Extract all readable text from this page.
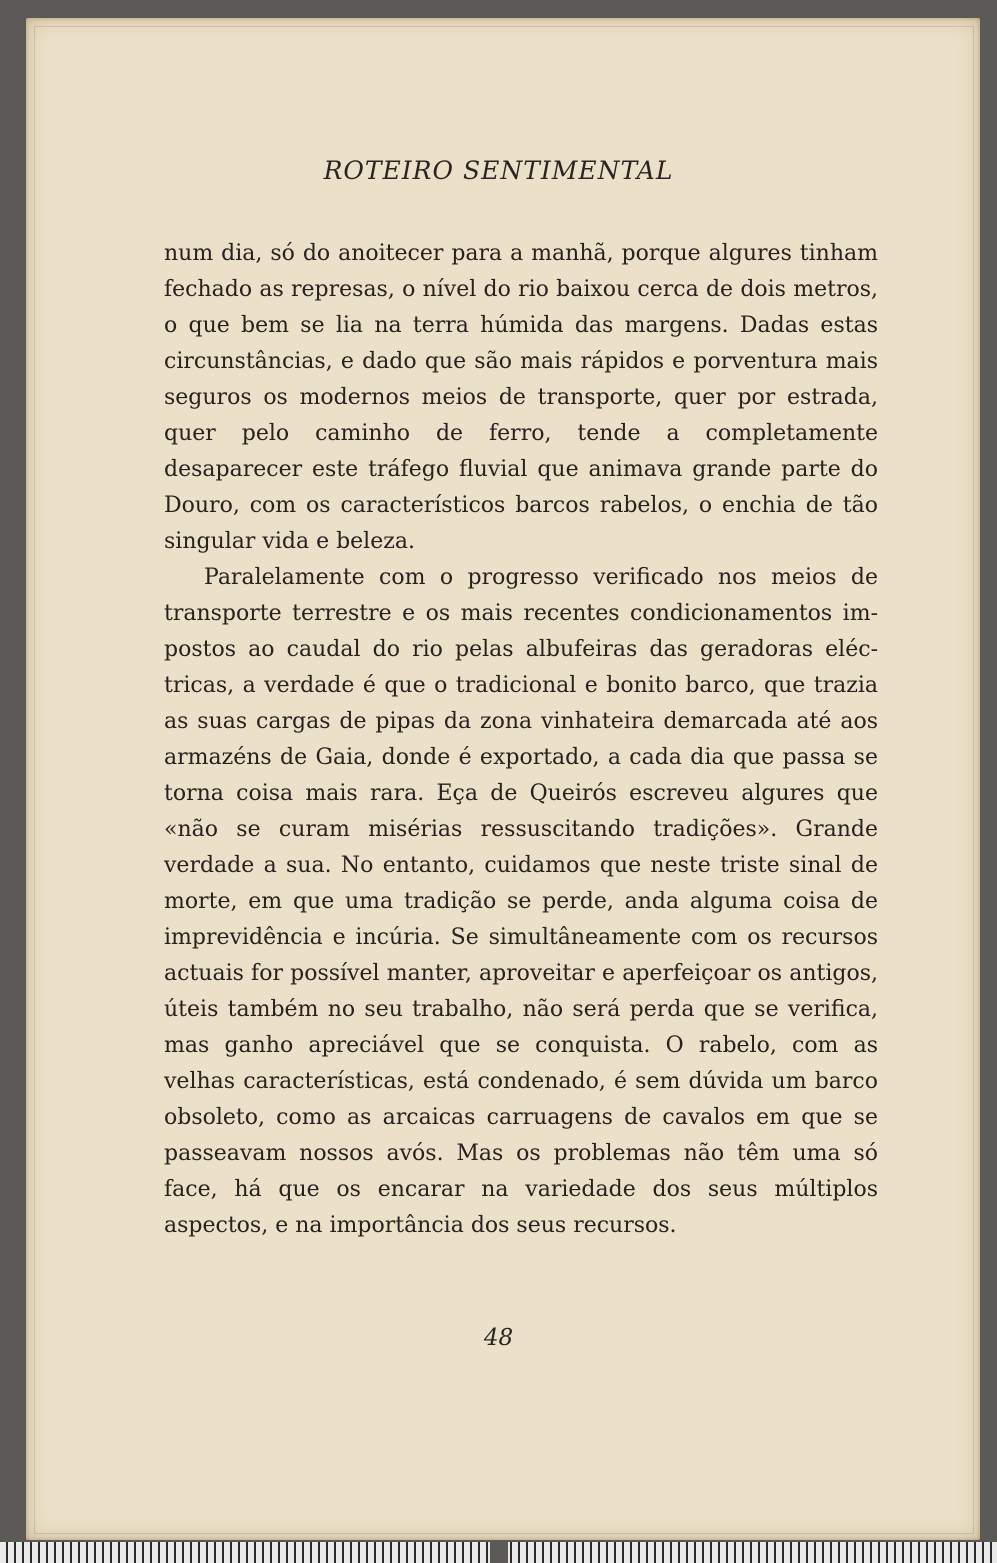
ROTEIRO SENTIMENTAL

num dia, só do anoitecer para a manhã, porque algures tinham fechado as represas, o nível do rio baixou cerca de dois metros, o que bem se lia na terra húmida das margens. Dadas estas circunstâncias, e dado que são mais rápidos e porventura mais seguros os modernos meios de transporte, quer por estrada, quer pelo caminho de ferro, tende a completamente desaparecer este tráfego fluvial que animava grande parte do Douro, com os característicos barcos rabelos, o enchia de tão singular vida e beleza.

Paralelamente com o progresso verificado nos meios de transporte terrestre e os mais recentes condicionamentos impostos ao caudal do rio pelas albufeiras das geradoras eléctricas, a verdade é que o tradicional e bonito barco, que trazia as suas cargas de pipas da zona vinhateira demarcada até aos armazéns de Gaia, donde é exportado, a cada dia que passa se torna coisa mais rara. Eça de Queirós escreveu algures que «não se curam misérias ressuscitando tradições». Grande verdade a sua. No entanto, cuidamos que neste triste sinal de morte, em que uma tradição se perde, anda alguma coisa de imprevidência e incúria. Se simultâneamente com os recursos actuais for possível manter, aproveitar e aperfeiçoar os antigos, úteis também no seu trabalho, não será perda que se verifica, mas ganho apreciável que se conquista. O rabelo, com as velhas características, está condenado, é sem dúvida um barco obsoleto, como as arcaicas carruagens de cavalos em que se passeavam nossos avós. Mas os problemas não têm uma só face, há que os encarar na variedade dos seus múltiplos aspectos, e na importância dos seus recursos.

48
